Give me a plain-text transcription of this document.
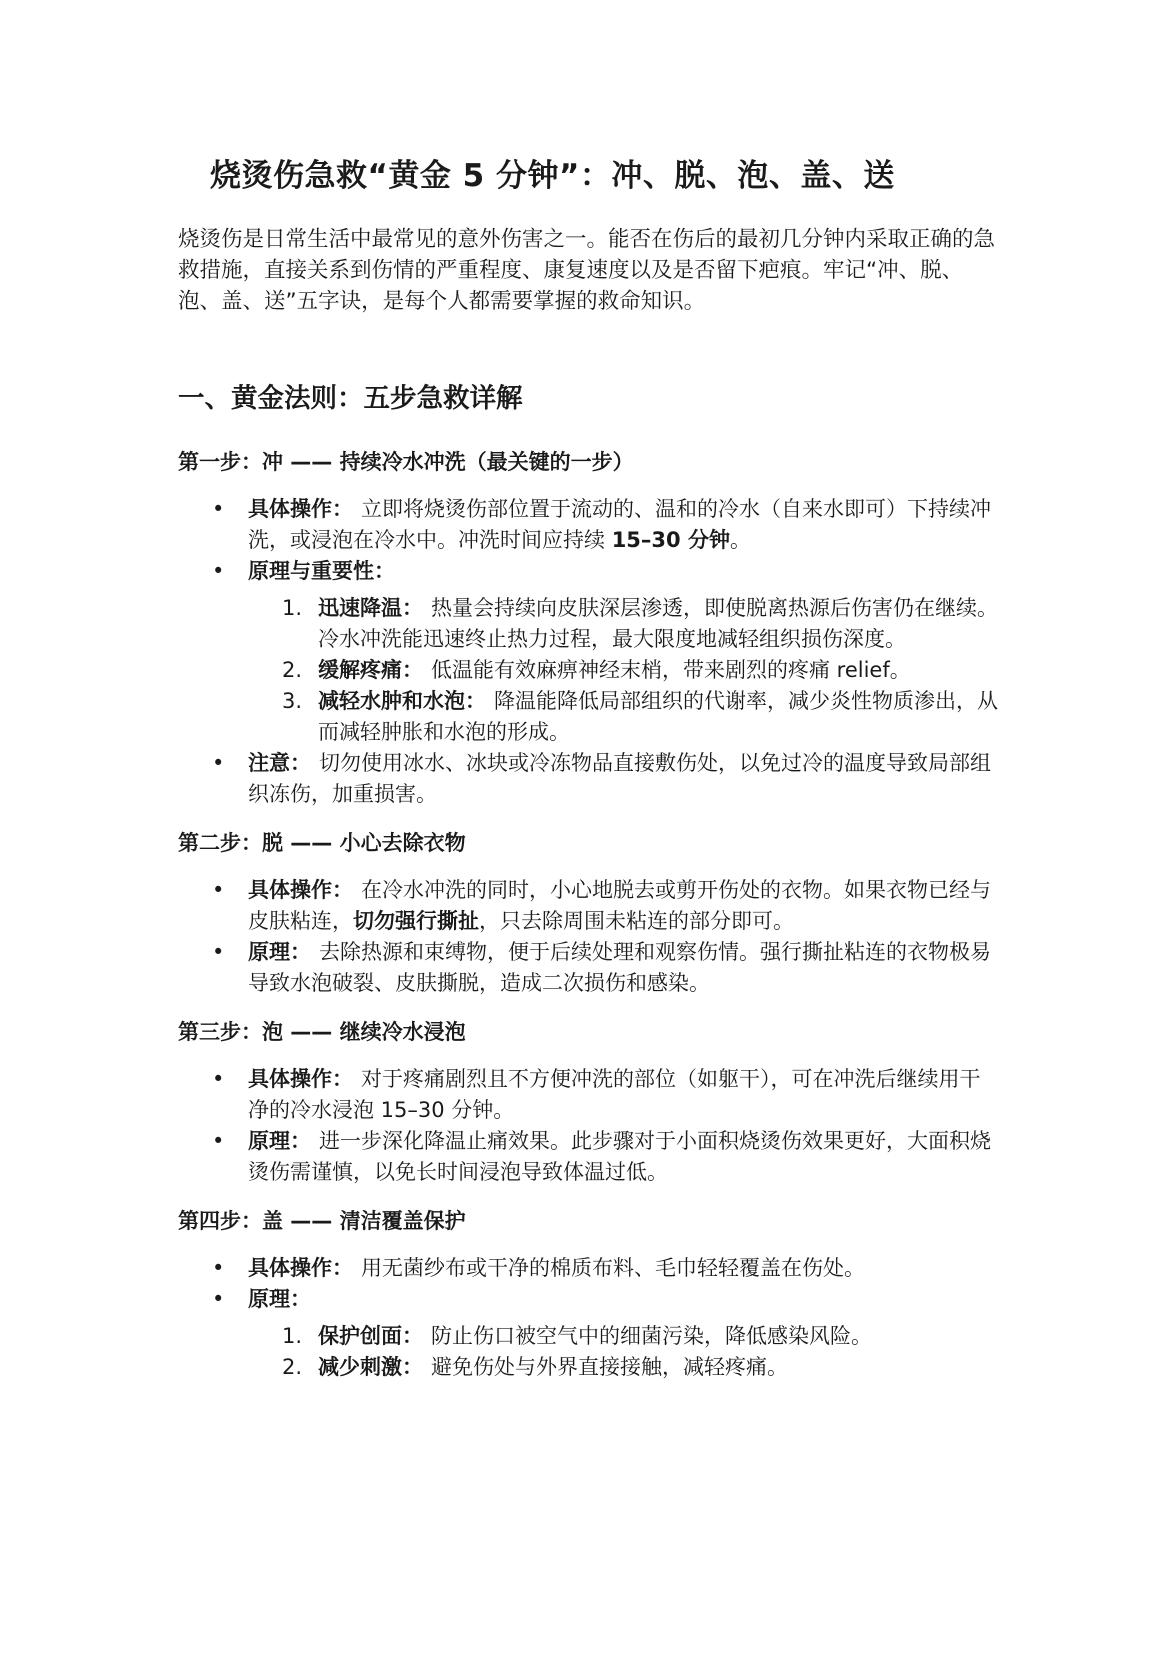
烧烫伤急救“黄金 5 分钟”：冲、脱、泡、盖、送

烧烫伤是日常生活中最常见的意外伤害之一。能否在伤后的最初几分钟内采取正确的急救措施，直接关系到伤情的严重程度、康复速度以及是否留下疤痕。牢记“冲、脱、泡、盖、送”五字诀，是每个人都需要掌握的救命知识。

一、黄金法则：五步急救详解
第一步：冲 —— 持续冷水冲洗（最关键的一步）
• 具体操作： 立即将烧烫伤部位置于流动的、温和的冷水（自来水即可）下持续冲洗，或浸泡在冷水中。冲洗时间应持续 15–30 分钟。
• 原理与重要性：
1. 迅速降温： 热量会持续向皮肤深层渗透，即使脱离热源后伤害仍在继续。冷水冲洗能迅速终止热力过程，最大限度地减轻组织损伤深度。
2. 缓解疼痛： 低温能有效麻痹神经末梢，带来剧烈的疼痛 relief。
3. 减轻水肿和水泡： 降温能降低局部组织的代谢率，减少炎性物质渗出，从而减轻肿胀和水泡的形成。
• 注意： 切勿使用冰水、冰块或冷冻物品直接敷伤处，以免过冷的温度导致局部组织冻伤，加重损害。
第二步：脱 —— 小心去除衣物
• 具体操作： 在冷水冲洗的同时，小心地脱去或剪开伤处的衣物。如果衣物已经与皮肤粘连，切勿强行撕扯，只去除周围未粘连的部分即可。
• 原理： 去除热源和束缚物，便于后续处理和观察伤情。强行撕扯粘连的衣物极易导致水泡破裂、皮肤撕脱，造成二次损伤和感染。
第三步：泡 —— 继续冷水浸泡
• 具体操作： 对于疼痛剧烈且不方便冲洗的部位（如躯干），可在冲洗后继续用干净的冷水浸泡 15–30 分钟。
• 原理： 进一步深化降温止痛效果。此步骤对于小面积烧烫伤效果更好，大面积烧烫伤需谨慎，以免长时间浸泡导致体温过低。
第四步：盖 —— 清洁覆盖保护
• 具体操作： 用无菌纱布或干净的棉质布料、毛巾轻轻覆盖在伤处。
• 原理：
1. 保护创面： 防止伤口被空气中的细菌污染，降低感染风险。
2. 减少刺激： 避免伤处与外界直接接触，减轻疼痛。
